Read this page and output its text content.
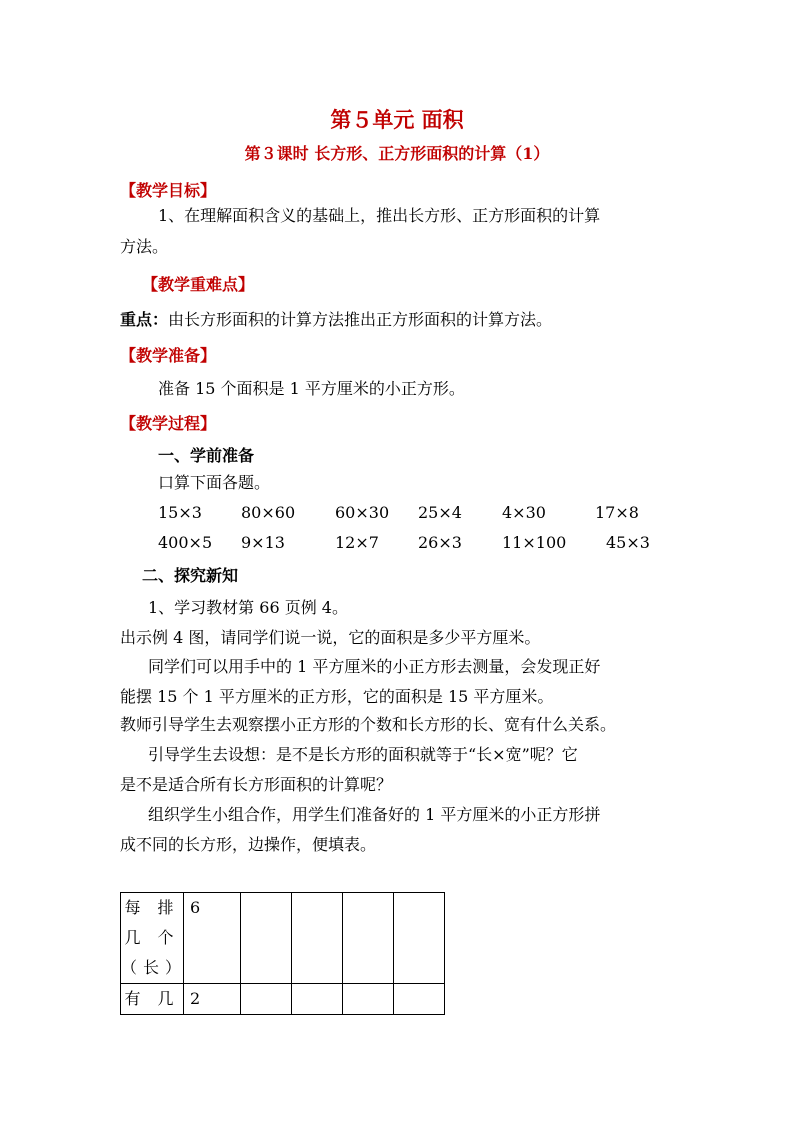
第５单元 面积
第３课时 长方形、正方形面积的计算（1）
【教学目标】
1、在理解面积含义的基础上，推出长方形、正方形面积的计算
方法。
【教学重难点】
重点：由长方形面积的计算方法推出正方形面积的计算方法。
【教学准备】
准备 15 个面积是 1 平方厘米的小正方形。
【教学过程】
一、学前准备
口算下面各题。
15×3 80×60 60×30 25×4	4×30	17×8
400×5 9×13	12×7 26×3	11×100 45×3
二、探究新知
1、学习教材第 66 页例 4。
出示例 4 图，请同学们说一说，它的面积是多少平方厘米。
同学们可以用手中的 1 平方厘米的小正方形去测量，会发现正好
能摆 15 个 1 平方厘米的正方形，它的面积是 15 平方厘米。
教师引导学生去观察摆小正方形的个数和长方形的长、宽有什么关系。
引导学生去设想：是不是长方形的面积就等于“长×宽”呢？它
是不是适合所有长方形面积的计算呢？
组织学生小组合作，用学生们准备好的 1 平方厘米的小正方形拼
成不同的长方形，边操作，便填表。
每 排
几 个
（长）	6				
有 几	2				
